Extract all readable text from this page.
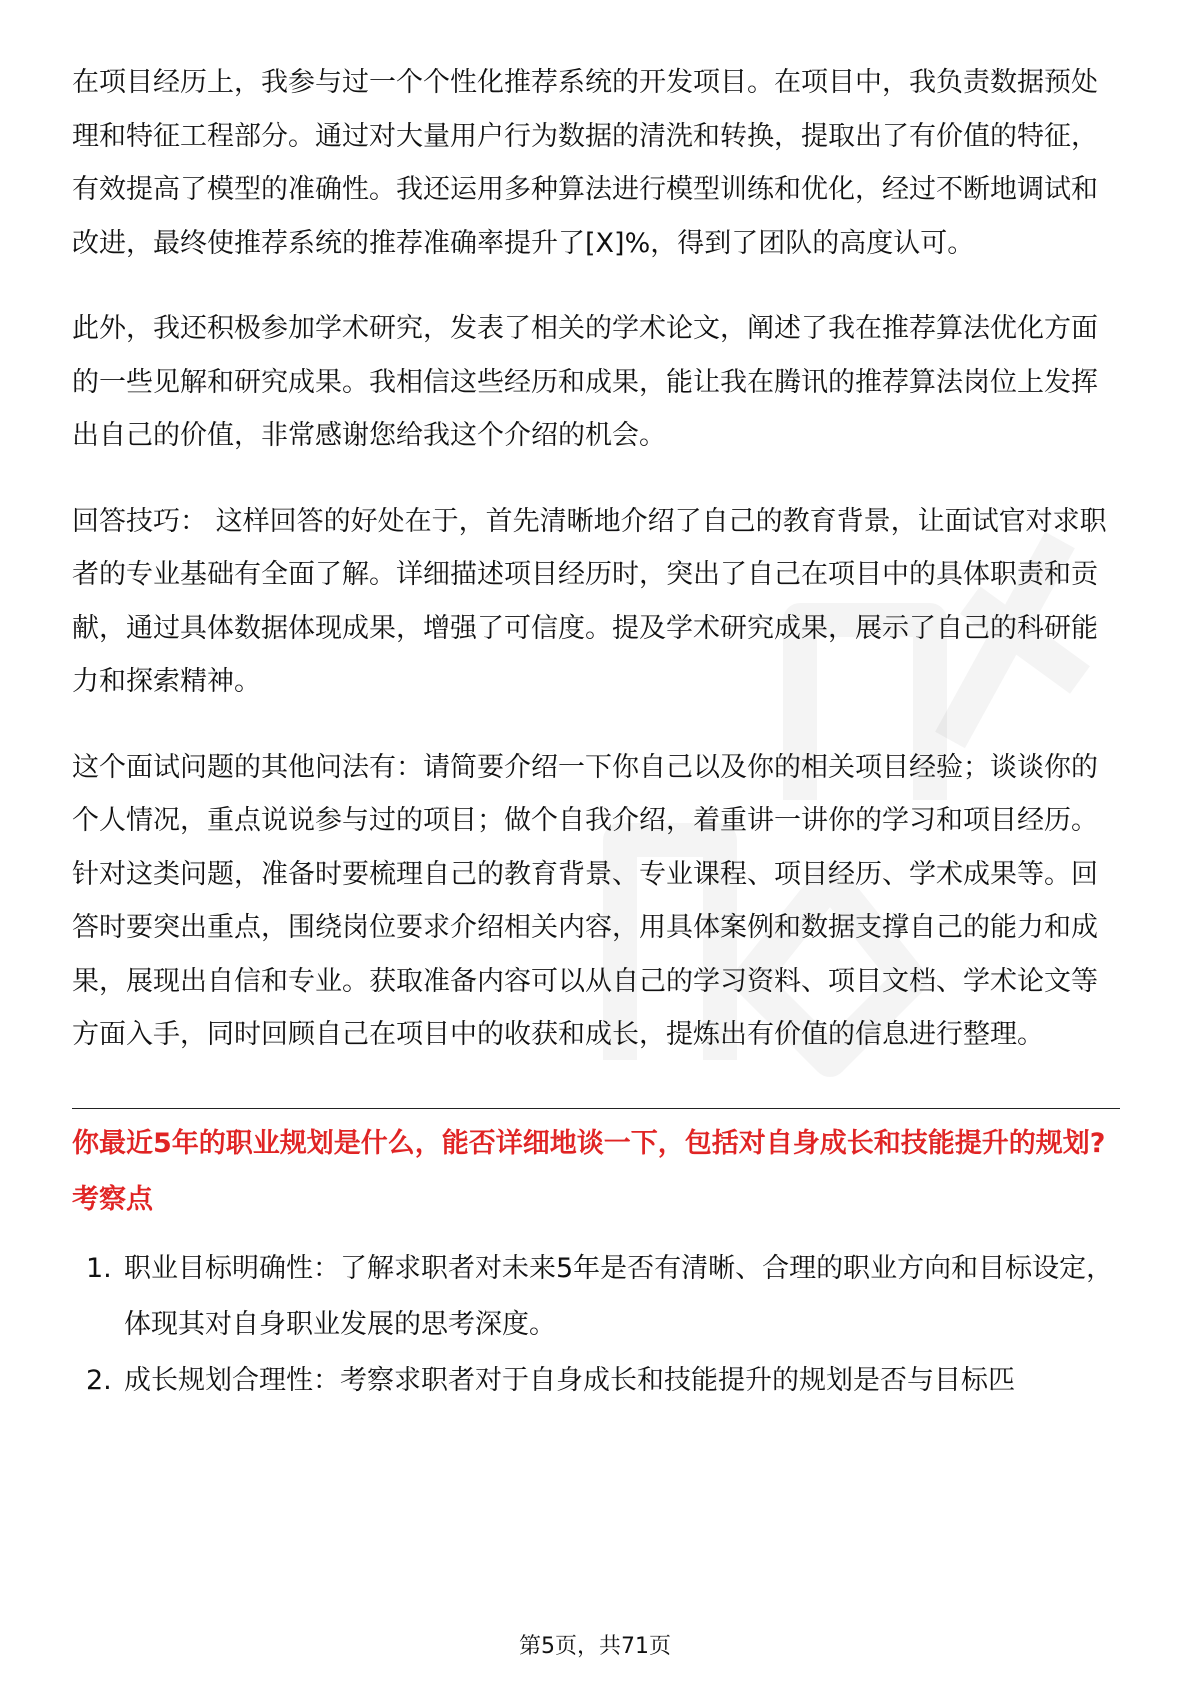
在项目经历上，我参与过一个个性化推荐系统的开发项目。在项目中，我负责数据预处理和特征工程部分。通过对大量用户行为数据的清洗和转换，提取出了有价值的特征，有效提高了模型的准确性。我还运用多种算法进行模型训练和优化，经过不断地调试和改进，最终使推荐系统的推荐准确率提升了[X]%，得到了团队的高度认可。

此外，我还积极参加学术研究，发表了相关的学术论文，阐述了我在推荐算法优化方面的一些见解和研究成果。我相信这些经历和成果，能让我在腾讯的推荐算法岗位上发挥出自己的价值，非常感谢您给我这个介绍的机会。

回答技巧： 这样回答的好处在于，首先清晰地介绍了自己的教育背景，让面试官对求职者的专业基础有全面了解。详细描述项目经历时，突出了自己在项目中的具体职责和贡献，通过具体数据体现成果，增强了可信度。提及学术研究成果，展示了自己的科研能力和探索精神。

这个面试问题的其他问法有：请简要介绍一下你自己以及你的相关项目经验；谈谈你的个人情况，重点说说参与过的项目；做个自我介绍，着重讲一讲你的学习和项目经历。 针对这类问题，准备时要梳理自己的教育背景、专业课程、项目经历、学术成果等。回答时要突出重点，围绕岗位要求介绍相关内容，用具体案例和数据支撑自己的能力和成果，展现出自信和专业。获取准备内容可以从自己的学习资料、项目文档、学术论文等方面入手，同时回顾自己在项目中的收获和成长，提炼出有价值的信息进行整理。

你最近5年的职业规划是什么，能否详细地谈一下，包括对自身成长和技能提升的规划?
考察点
1. 职业目标明确性：了解求职者对未来5年是否有清晰、合理的职业方向和目标设定，体现其对自身职业发展的思考深度。
2. 成长规划合理性：考察求职者对于自身成长和技能提升的规划是否与目标匹
第5页，共71页
